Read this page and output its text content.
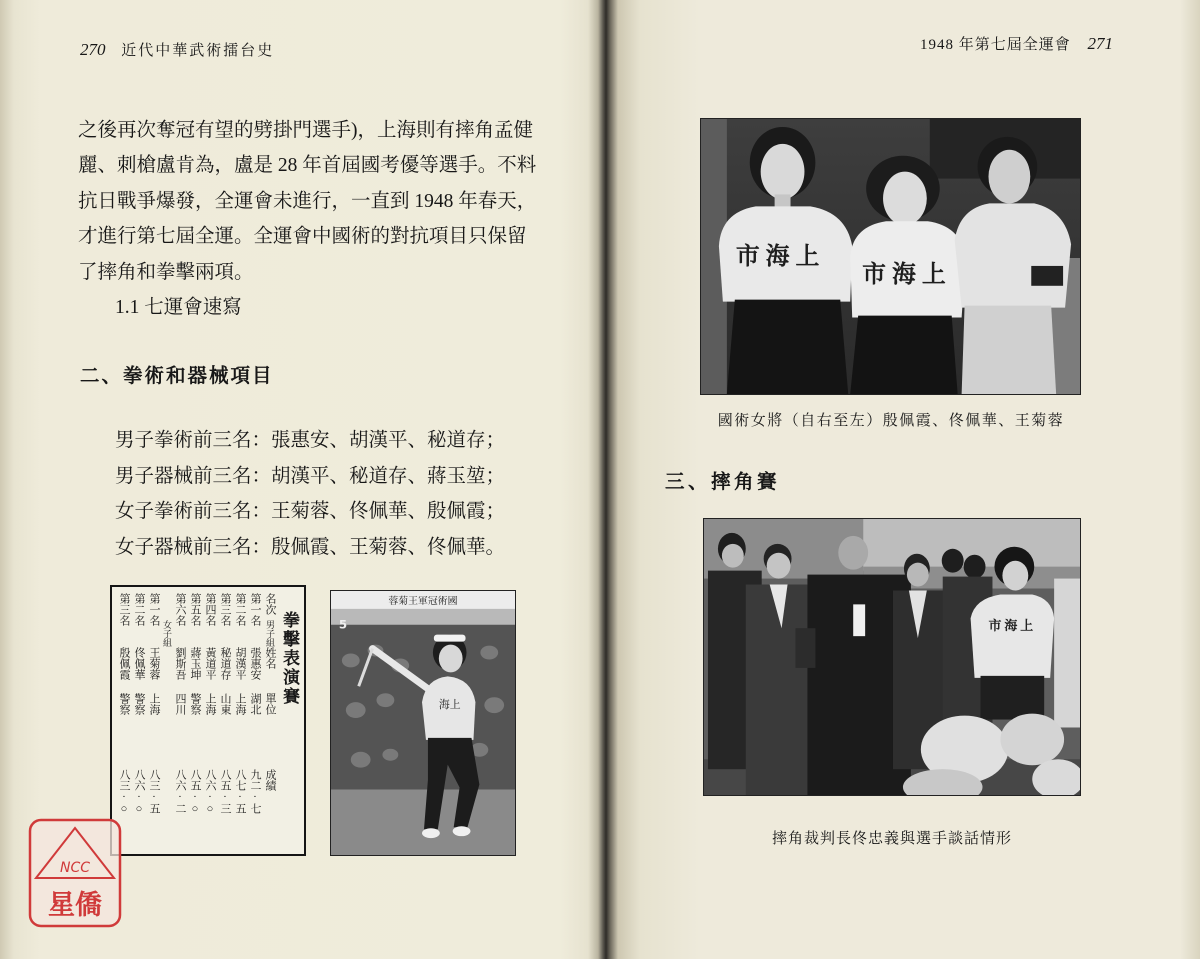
270 近代中華武術擂台史
之後再次奪冠有望的劈掛門選手)，上海則有摔角孟健
麗、刺槍盧肯為，盧是 28 年首屆國考優等選手。不料
抗日戰爭爆發，全運會未進行，一直到 1948 年春天，
才進行第七屆全運。全運會中國術的對抗項目只保留
了摔角和拳擊兩項。
1.1 七運會速寫
二、拳術和器械項目
男子拳術前三名：張惠安、胡漢平、秘道存；
男子器械前三名：胡漢平、秘道存、蔣玉堃；
女子拳術前三名：王菊蓉、佟佩華、殷佩霞；
女子器械前三名：殷佩霞、王菊蓉、佟佩華。
拳擊表演賽
名次
男子組
姓名
單位
成績
第一名
張惠安
湖北
九二·七
第二名
胡漢平
上海
八七·五
第三名
秘道存
山東
八五·三
第四名
黃道平
上海
八六·○
第五名
蔣玉坤
警察
八五·○
第六名
劉斯吾
四川
八六·二
女子組
第一名
王菊蓉
上海
八三·五
第二名
佟佩華
警察
八六·○
第三名
殷佩霞
警察
八三·○
國術冠軍王菊蓉
5
上海
NCC
星僑
1948 年第七屆全運會 271
上海市
上海市
國術女將（自右至左）殷佩霞、佟佩華、王菊蓉
三、摔角賽
上海市
摔角裁判長佟忠義與選手談話情形
